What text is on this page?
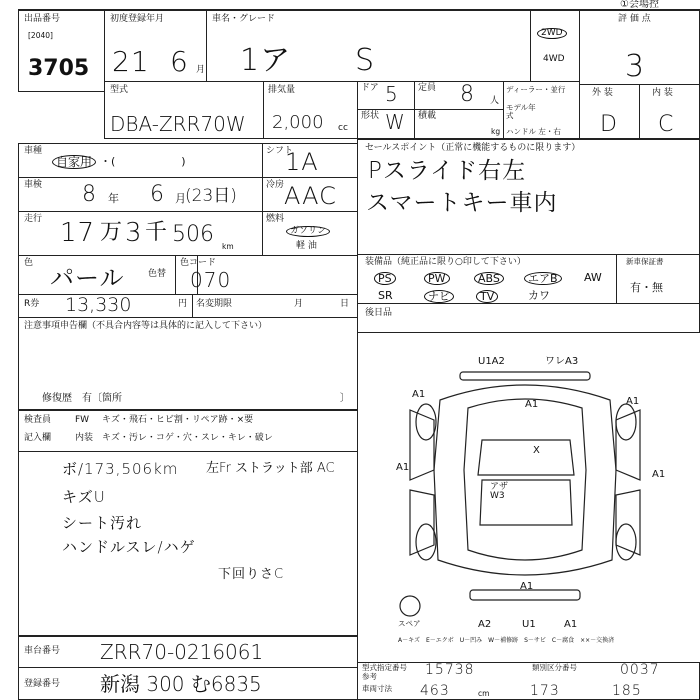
①会場控
出品番号
[2040]
3705
初度登録年月
21 6 月
車名・グレード
1ア S
2WD
4WD
評 価 点
3
外 装	内 装
D C
型式
DBA-ZRR70W
排気量
2,000 cc
ドア 5
形状 W
定員 8 人
積載
kg
ディーラー・並行
モデル年式
ハンドル 左・右
車種
自家用 ・(　　　　　　)
シフト
1A
車検 8 年 6 月 (23日)
冷房 AAC
走行 17 万 3 千 506 km
燃料
ガソリン
軽 油
色
パール	色替
色コード
070
R券 13,330	円 名変期限	月	日
注意事項申告欄（不具合内容等は具体的に記入して下さい）
修復歴　有〔箇所	〕
セールスポイント（正常に機能するものに限ります）
Pスライド右左
スマートキー車内
装備品（純正品に限り○印して下さい）	新車保証書
有・無
PS	PW	ABS	エアB	AW
SR	ナビ	TV	カワ
後日品
検査員
記入欄
FW キズ・飛石・ヒビ割・リペア跡・×要
内装 キズ・汚レ・コゲ・穴・スレ・キレ・破レ
ボ/173,506km
キズU
シート汚れ
ハンドルスレ/ハゲ
左Fr ストラット部 AC
下回りさC
U1A2	ワレA3
A1
A1
A1
A1
X
アザ W3
A1
A1
A2	U1	A1
スペア
A－キズ　E－エクボ　U－凹み　W－補修跡　S－サビ　C－腐食　××－交換済
車台番号 ZRR70-0216061
登録番号 新潟 300 む6835
型式指定番号
参考	15738	類別区分番号	0037
車両寸法 463	cm	173	185
